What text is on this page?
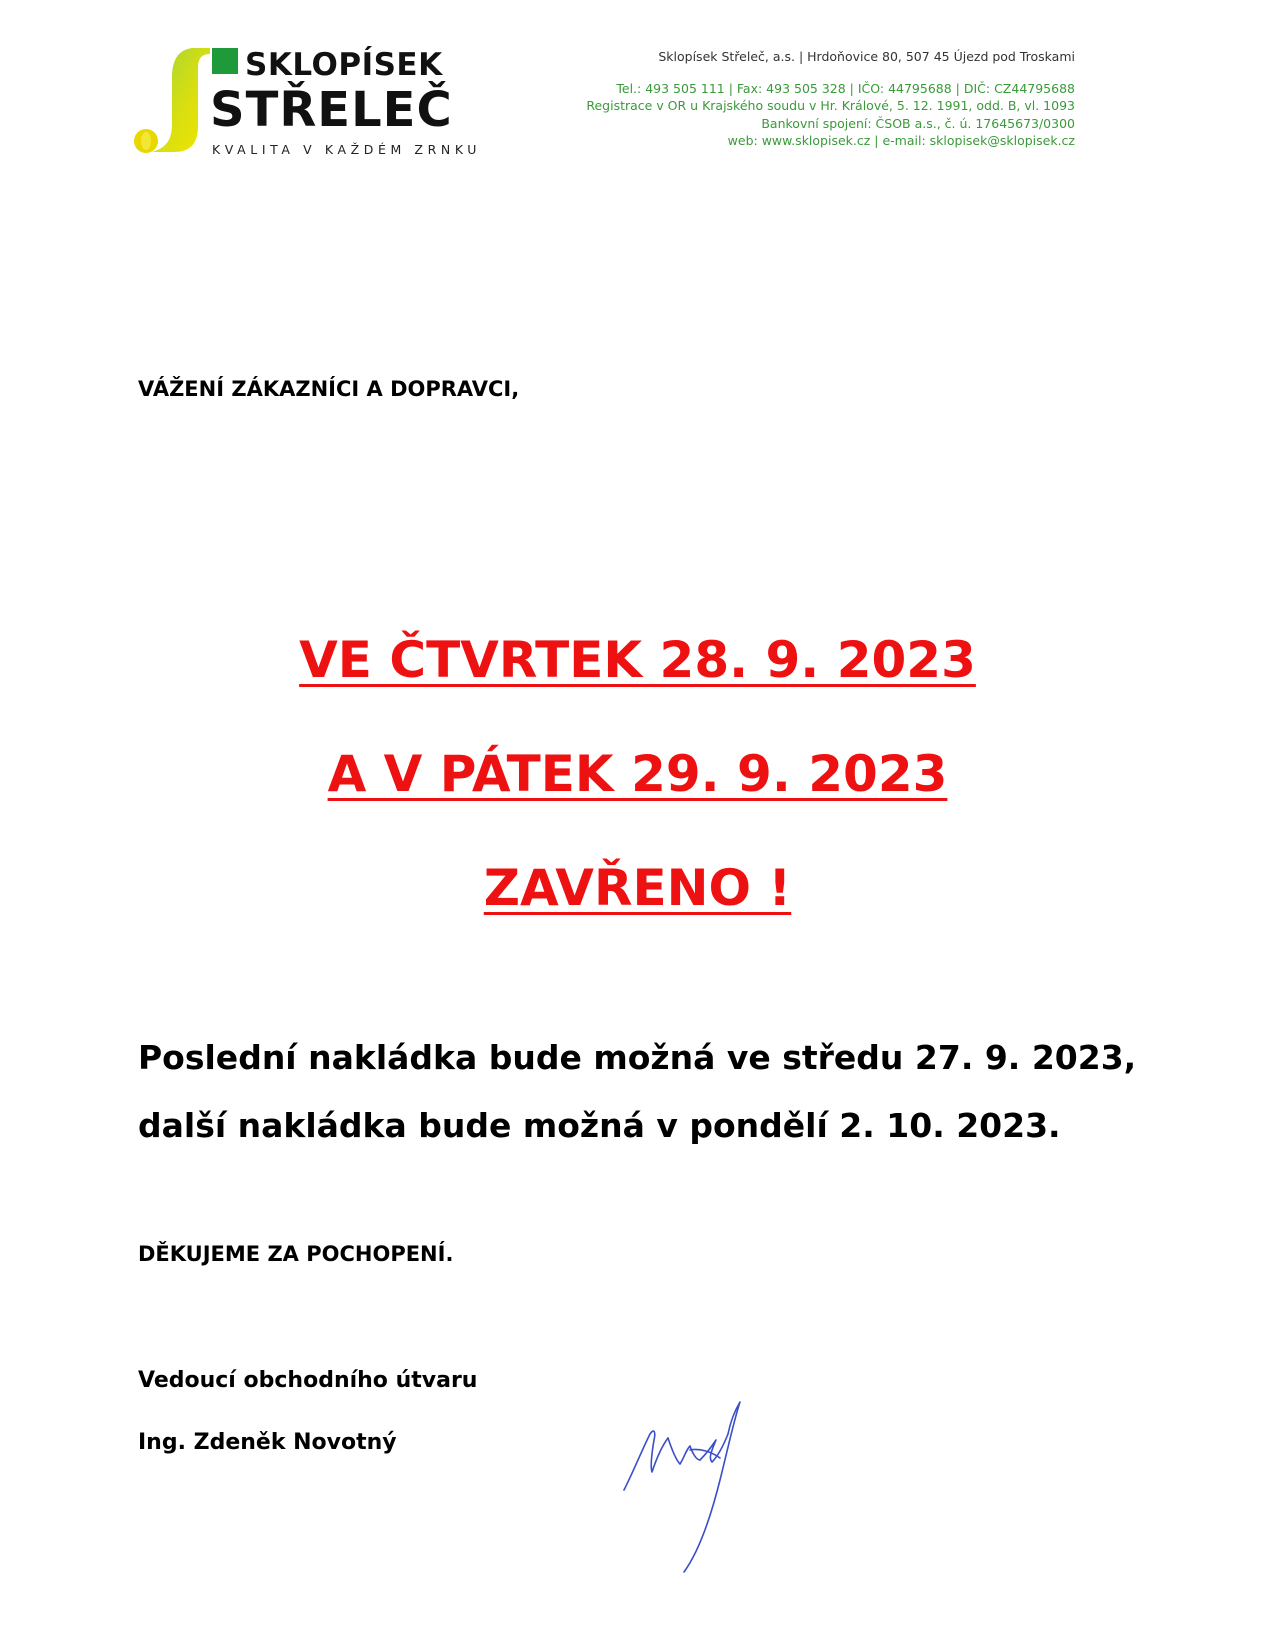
SKLOPÍSEK
STŘELEČ
KVALITA V KAŽDÉM ZRNKU
Sklopísek Střeleč, a.s. | Hrdoňovice 80, 507 45 Újezd pod Troskami
Tel.: 493 505 111 | Fax: 493 505 328 | IČO: 44795688 | DIČ: CZ44795688
Registrace v OR u Krajského soudu v Hr. Králové, 5. 12. 1991, odd. B, vl. 1093
Bankovní spojení: ČSOB a.s., č. ú. 17645673/0300
web: www.sklopisek.cz | e-mail: sklopisek@sklopisek.cz
VÁŽENÍ ZÁKAZNÍCI A DOPRAVCI,
VE ČTVRTEK 28. 9. 2023
A V PÁTEK 29. 9. 2023
ZAVŘENO !
Poslední nakládka bude možná ve středu 27. 9. 2023,
další nakládka bude možná v pondělí 2. 10. 2023.
DĚKUJEME ZA POCHOPENÍ.
Vedoucí obchodního útvaru
Ing. Zdeněk Novotný
